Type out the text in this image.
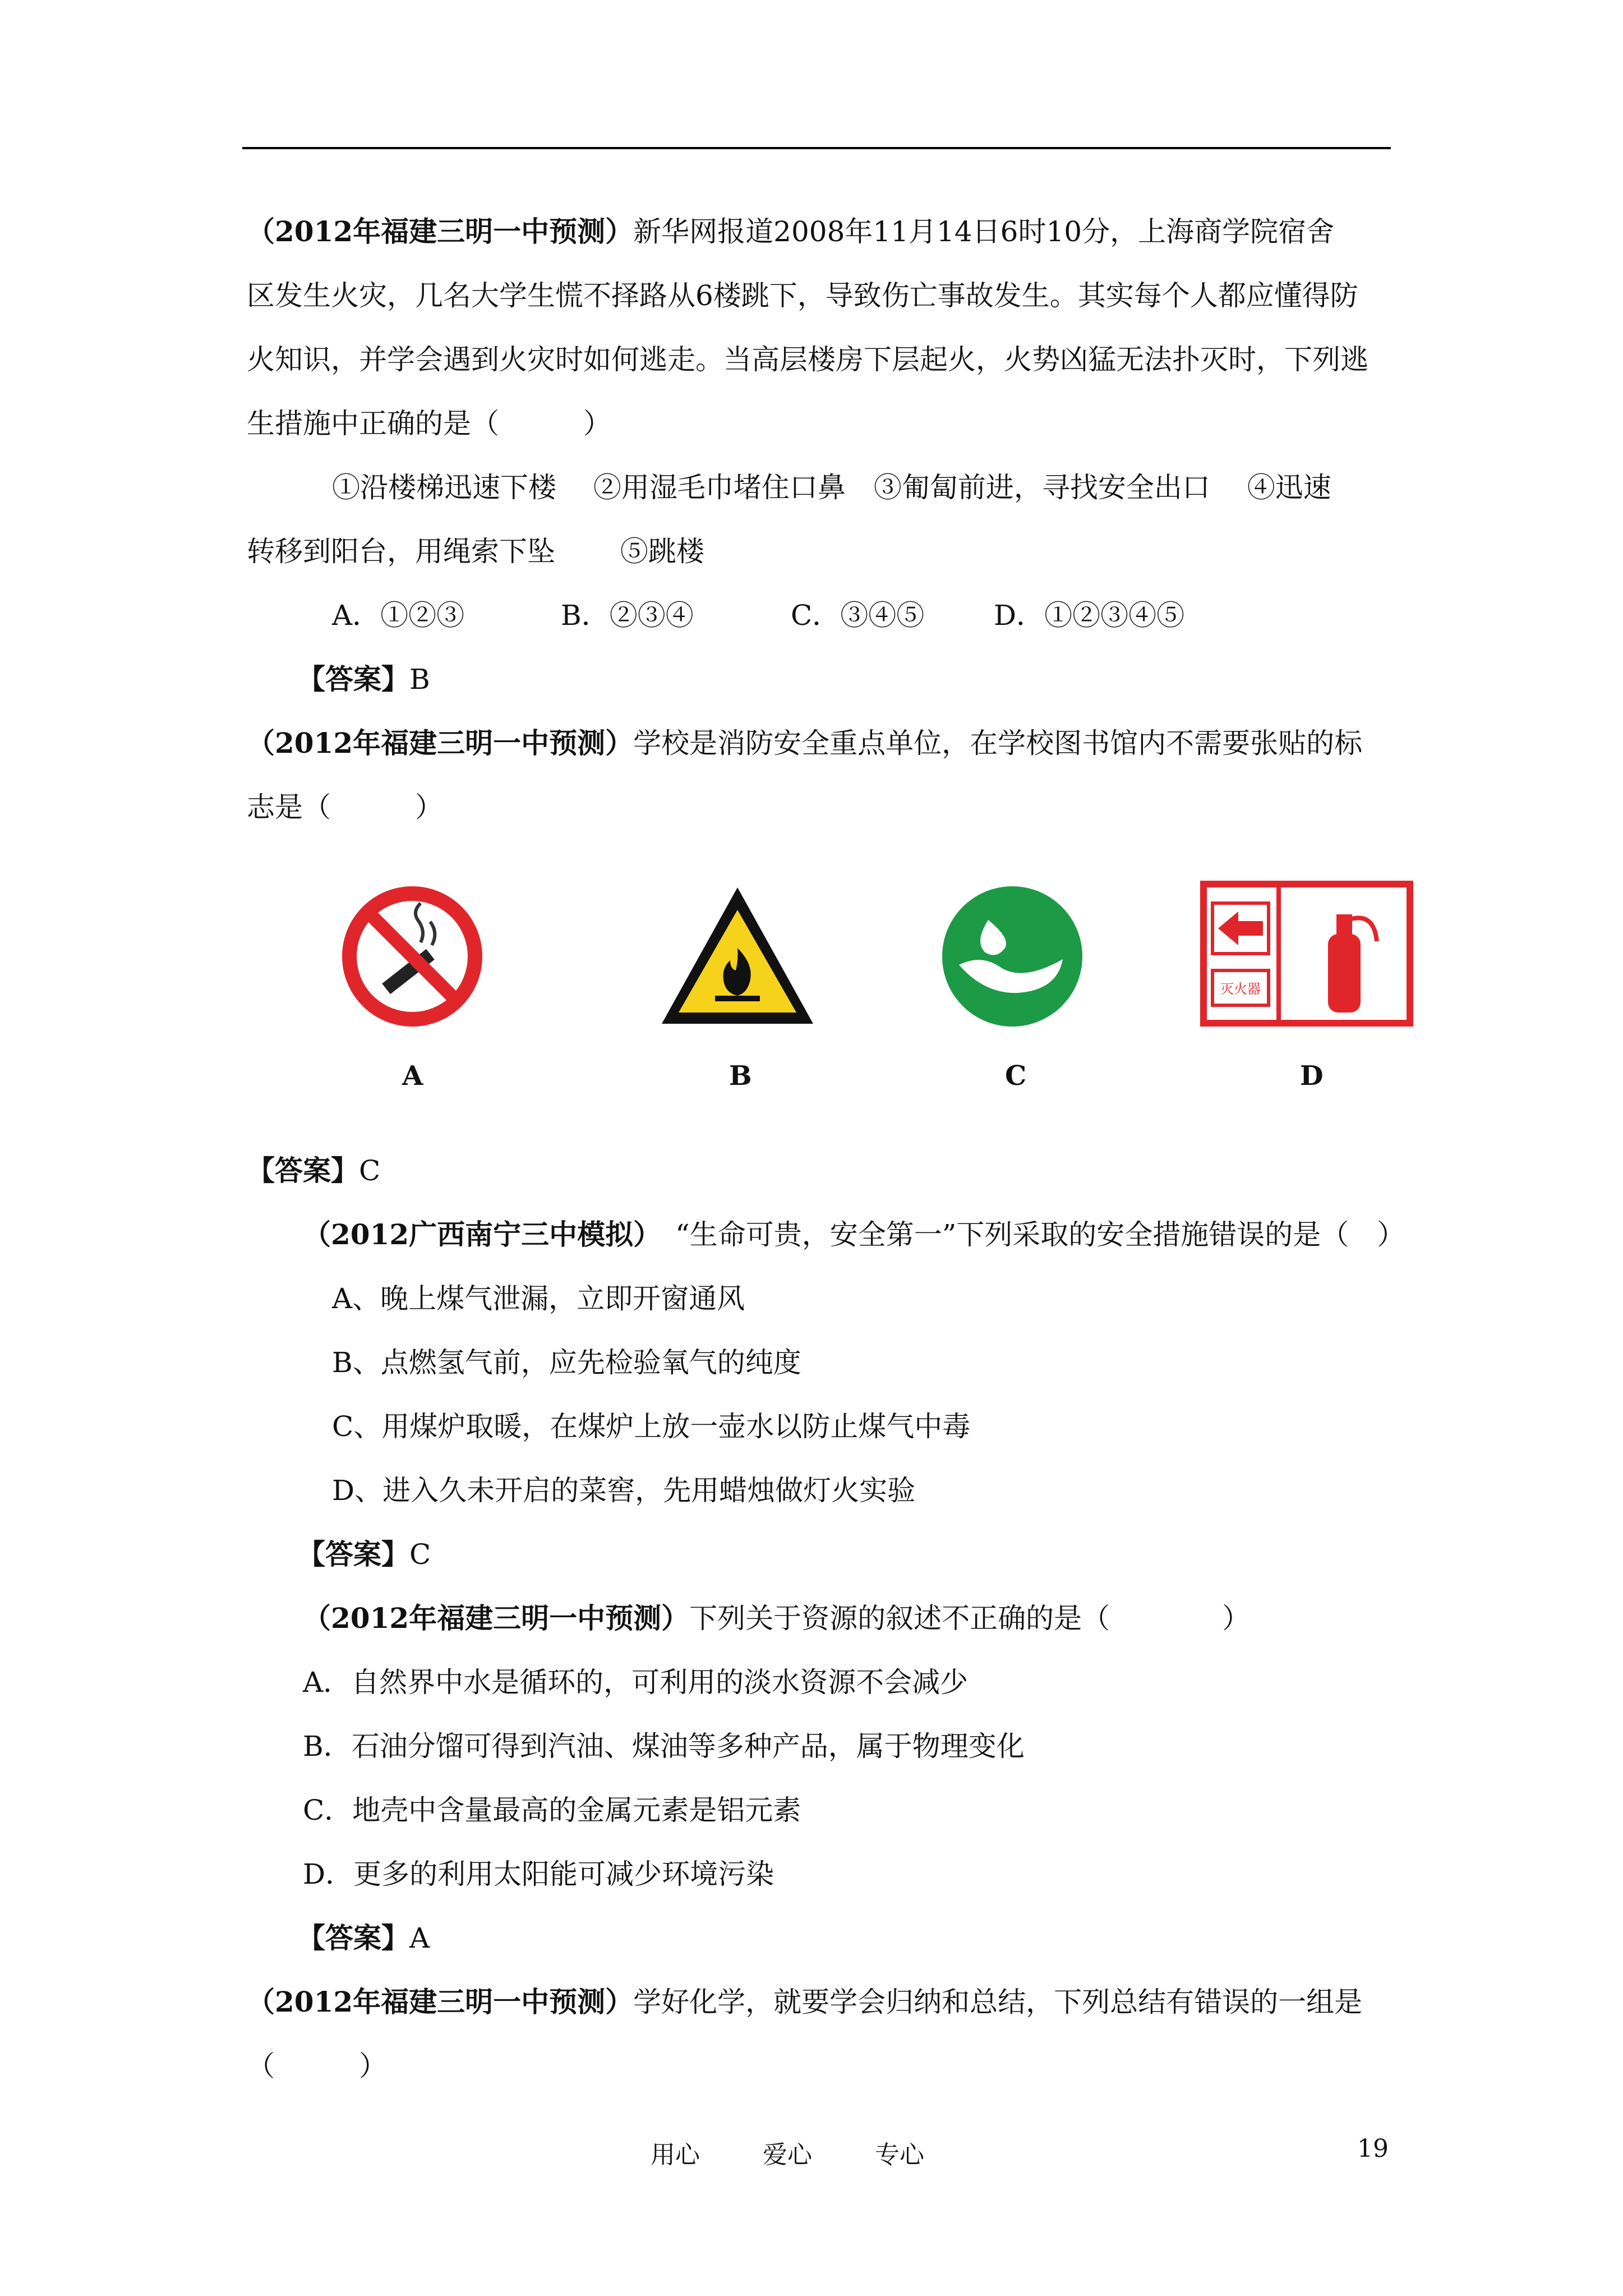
（2012年福建三明一中预测）新华网报道2008年11月14日6时10分，上海商学院宿舍
区发生火灾，几名大学生慌不择路从6楼跳下，导致伤亡事故发生。其实每个人都应懂得防
火知识，并学会遇到火灾时如何逃走。当高层楼房下层起火，火势凶猛无法扑灭时，下列逃
生措施中正确的是（　　　）
①沿楼梯迅速下楼　 ②用湿毛巾堵住口鼻　③匍匐前进，寻找安全出口　 ④迅速
转移到阳台，用绳索下坠　　 ⑤跳楼
A．①②③	B．②③④	C．③④⑤ D．①②③④⑤
【答案】B
（2012年福建三明一中预测）学校是消防安全重点单位，在学校图书馆内不需要张贴的标
志是（　　　）
灭火器
A	B	C	D
【答案】C
（2012广西南宁三中模拟）　“生命可贵，安全第一”下列采取的安全措施错误的是（　）
A、晚上煤气泄漏，立即开窗通风
B、点燃氢气前，应先检验氧气的纯度
C、用煤炉取暖，在煤炉上放一壶水以防止煤气中毒
D、进入久未开启的菜窖，先用蜡烛做灯火实验
【答案】C
（2012年福建三明一中预测）下列关于资源的叙述不正确的是（　　　　）
A．自然界中水是循环的，可利用的淡水资源不会减少
B．石油分馏可得到汽油、煤油等多种产品，属于物理变化
C．地壳中含量最高的金属元素是铝元素
D．更多的利用太阳能可减少环境污染
【答案】A
（2012年福建三明一中预测）学好化学，就要学会归纳和总结，下列总结有错误的一组是
（　　　）
用心	爱心	专心	19
